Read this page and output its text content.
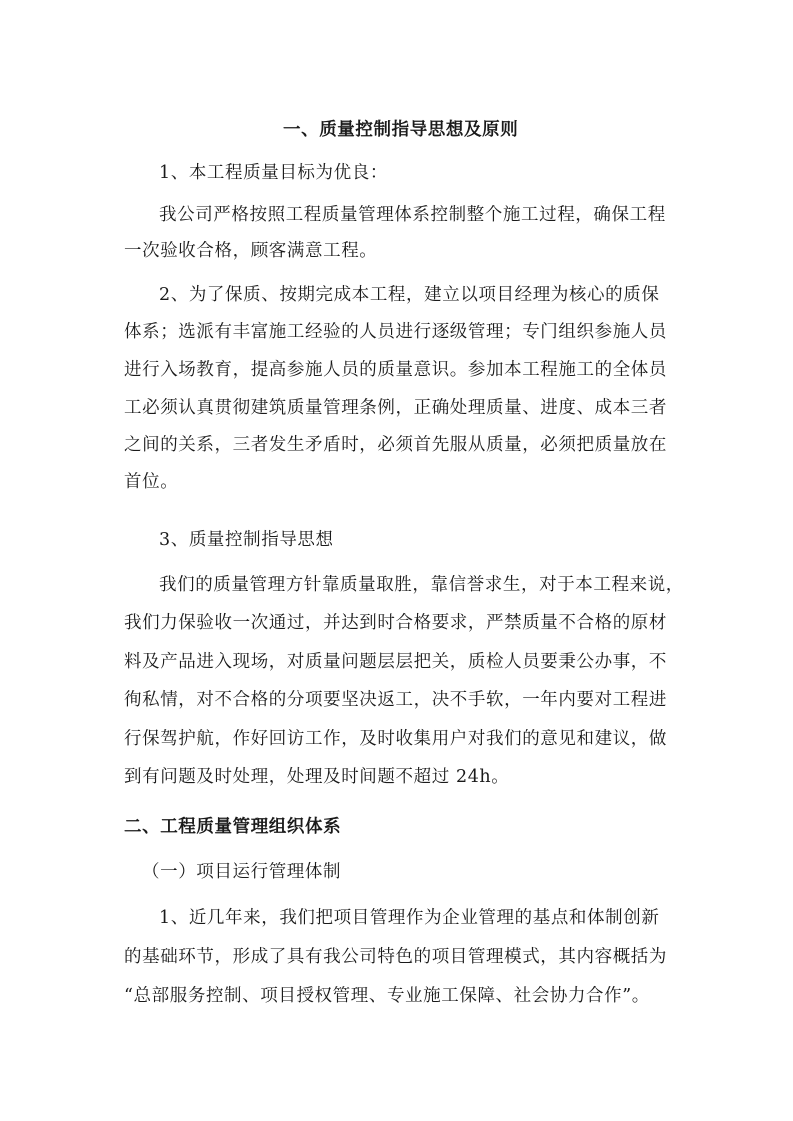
一、质量控制指导思想及原则
1、本工程质量目标为优良：
我公司严格按照工程质量管理体系控制整个施工过程，确保工程
一次验收合格，顾客满意工程。
2、为了保质、按期完成本工程，建立以项目经理为核心的质保
体系；选派有丰富施工经验的人员进行逐级管理；专门组织参施人员
进行入场教育，提高参施人员的质量意识。参加本工程施工的全体员
工必须认真贯彻建筑质量管理条例，正确处理质量、进度、成本三者
之间的关系，三者发生矛盾时，必须首先服从质量，必须把质量放在
首位。
3、质量控制指导思想
我们的质量管理方针靠质量取胜，靠信誉求生，对于本工程来说，
我们力保验收一次通过，并达到时合格要求，严禁质量不合格的原材
料及产品进入现场，对质量问题层层把关，质检人员要秉公办事，不
徇私情，对不合格的分项要坚决返工，决不手软，一年内要对工程进
行保驾护航，作好回访工作，及时收集用户对我们的意见和建议，做
到有问题及时处理，处理及时间题不超过 24h。
二、工程质量管理组织体系
（一）项目运行管理体制
1、近几年来，我们把项目管理作为企业管理的基点和体制创新
的基础环节，形成了具有我公司特色的项目管理模式，其内容概括为
“总部服务控制、项目授权管理、专业施工保障、社会协力合作”。
